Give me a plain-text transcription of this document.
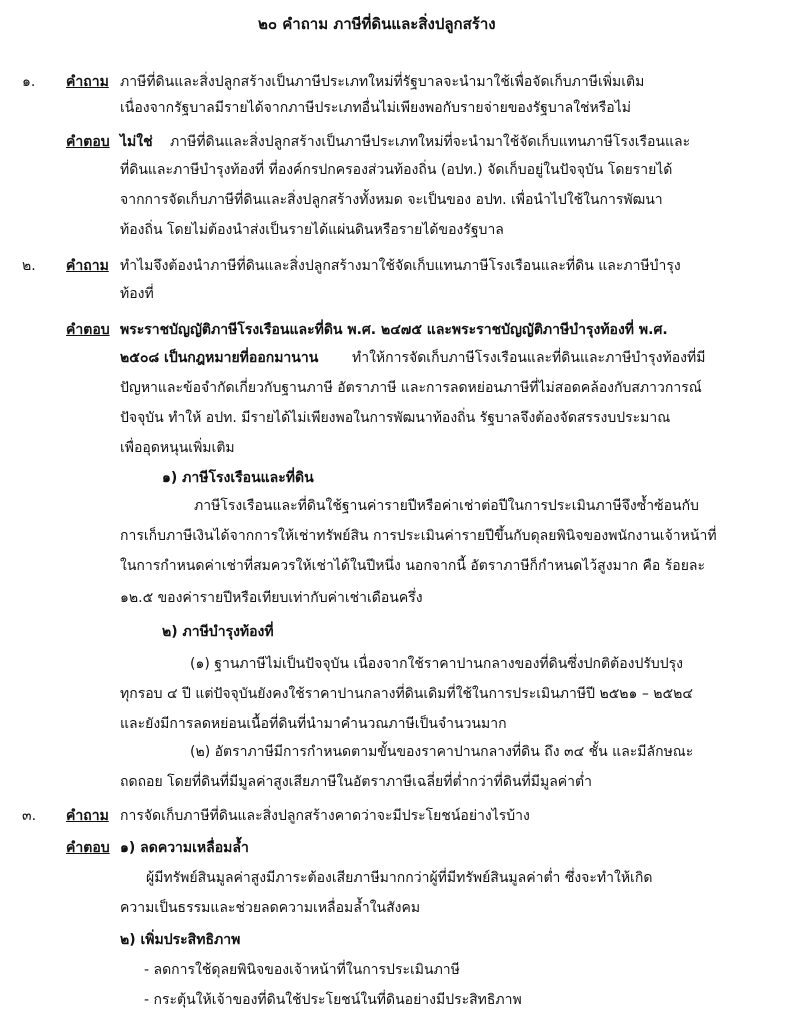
๒๐ คำถาม ภาษีที่ดินและสิ่งปลูกสร้าง
๑. คำถาม ภาษีที่ดินและสิ่งปลูกสร้างเป็นภาษีประเภทใหม่ที่รัฐบาลจะนำมาใช้เพื่อจัดเก็บภาษีเพิ่มเติม
เนื่องจากรัฐบาลมีรายได้จากภาษีประเภทอื่นไม่เพียงพอกับรายจ่ายของรัฐบาลใช่หรือไม่
คำตอบ ไม่ใช่ ภาษีที่ดินและสิ่งปลูกสร้างเป็นภาษีประเภทใหม่ที่จะนำมาใช้จัดเก็บแทนภาษีโรงเรือนและ
ที่ดินและภาษีบำรุงท้องที่ ที่องค์กรปกครองส่วนท้องถิ่น (อปท.) จัดเก็บอยู่ในปัจจุบัน โดยรายได้
จากการจัดเก็บภาษีที่ดินและสิ่งปลูกสร้างทั้งหมด จะเป็นของ อปท. เพื่อนำไปใช้ในการพัฒนา
ท้องถิ่น โดยไม่ต้องนำส่งเป็นรายได้แผ่นดินหรือรายได้ของรัฐบาล
๒. คำถาม ทำไมจึงต้องนำภาษีที่ดินและสิ่งปลูกสร้างมาใช้จัดเก็บแทนภาษีโรงเรือนและที่ดิน และภาษีบำรุง
ท้องที่
คำตอบ พระราชบัญญัติภาษีโรงเรือนและที่ดิน พ.ศ. ๒๔๗๕ และพระราชบัญญัติภาษีบำรุงท้องที่ พ.ศ.
๒๕๐๘ เป็นกฎหมายที่ออกมานาน ทำให้การจัดเก็บภาษีโรงเรือนและที่ดินและภาษีบำรุงท้องที่มี
ปัญหาและข้อจำกัดเกี่ยวกับฐานภาษี อัตราภาษี และการลดหย่อนภาษีที่ไม่สอดคล้องกับสภาวการณ์
ปัจจุบัน ทำให้ อปท. มีรายได้ไม่เพียงพอในการพัฒนาท้องถิ่น รัฐบาลจึงต้องจัดสรรงบประมาณ
เพื่ออุดหนุนเพิ่มเติม
๑) ภาษีโรงเรือนและที่ดิน
ภาษีโรงเรือนและที่ดินใช้ฐานค่ารายปีหรือค่าเช่าต่อปีในการประเมินภาษีจึงซ้ำซ้อนกับ
การเก็บภาษีเงินได้จากการให้เช่าทรัพย์สิน การประเมินค่ารายปีขึ้นกับดุลยพินิจของพนักงานเจ้าหน้าที่
ในการกำหนดค่าเช่าที่สมควรให้เช่าได้ในปีหนึ่ง นอกจากนี้ อัตราภาษีก็กำหนดไว้สูงมาก คือ ร้อยละ
๑๒.๕ ของค่ารายปีหรือเทียบเท่ากับค่าเช่าเดือนครึ่ง
๒) ภาษีบำรุงท้องที่
(๑) ฐานภาษีไม่เป็นปัจจุบัน เนื่องจากใช้ราคาปานกลางของที่ดินซึ่งปกติต้องปรับปรุง
ทุกรอบ ๔ ปี แต่ปัจจุบันยังคงใช้ราคาปานกลางที่ดินเดิมที่ใช้ในการประเมินภาษีปี ๒๕๒๑ – ๒๕๒๔
และยังมีการลดหย่อนเนื้อที่ดินที่นำมาคำนวณภาษีเป็นจำนวนมาก
(๒) อัตราภาษีมีการกำหนดตามขั้นของราคาปานกลางที่ดิน ถึง ๓๔ ชั้น และมีลักษณะ
ถดถอย โดยที่ดินที่มีมูลค่าสูงเสียภาษีในอัตราภาษีเฉลี่ยที่ต่ำกว่าที่ดินที่มีมูลค่าต่ำ
๓. คำถาม การจัดเก็บภาษีที่ดินและสิ่งปลูกสร้างคาดว่าจะมีประโยชน์อย่างไรบ้าง
คำตอบ ๑) ลดความเหลื่อมล้ำ
ผู้มีทรัพย์สินมูลค่าสูงมีภาระต้องเสียภาษีมากกว่าผู้ที่มีทรัพย์สินมูลค่าต่ำ ซึ่งจะทำให้เกิด
ความเป็นธรรมและช่วยลดความเหลื่อมล้ำในสังคม
๒) เพิ่มประสิทธิภาพ
- ลดการใช้ดุลยพินิจของเจ้าหน้าที่ในการประเมินภาษี
- กระตุ้นให้เจ้าของที่ดินใช้ประโยชน์ในที่ดินอย่างมีประสิทธิภาพ
